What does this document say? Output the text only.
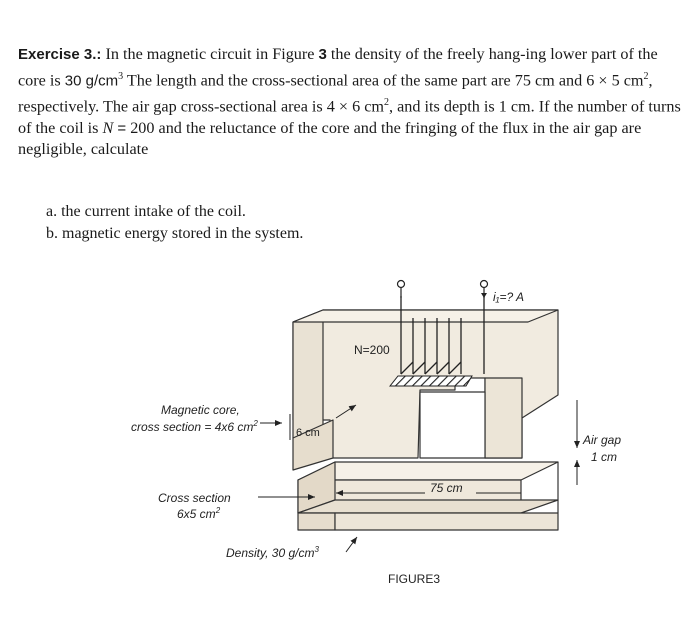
Exercise 3.: In the magnetic circuit in Figure 3 the density of the freely hang-ing lower part of the core is 30 $g/cm^3$ The length and the cross-sectional area of the same part are 75 cm and 6 × 5 $cm^2$, respectively. The air gap cross-sectional area is 4 × 6 $cm^2$, and its depth is 1 cm. If the number of turns of the coil is N = 200 and the reluctance of the core and the fringing of the flux in the air gap are negligible, calculate
a. the current intake of the coil.
b. magnetic energy stored in the system.
N=200
i₁=? A
Magnetic core,
cross section = 4x6 $cm^2$
6 cm	Air gap
1 cm
Cross section
6x5 $cm^2$
75 cm
Density, 30 $g/cm^3$
FIGURE3
